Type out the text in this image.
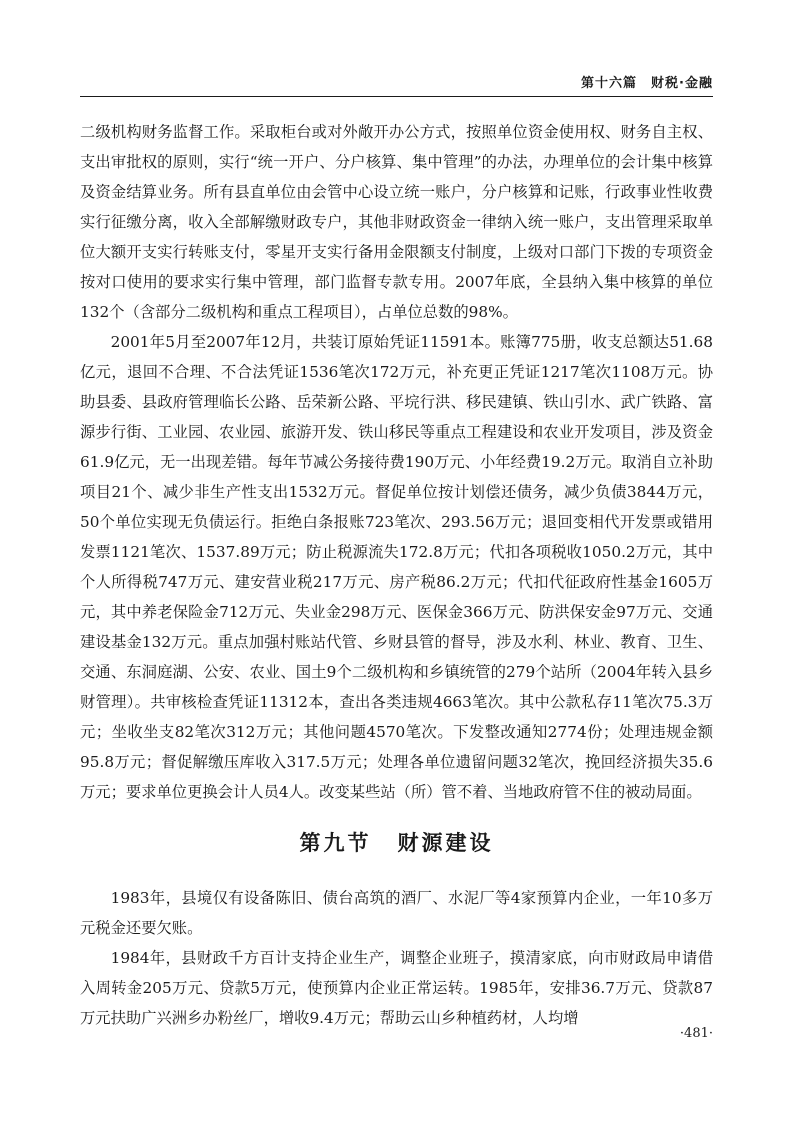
第十六篇　财税·金融

二级机构财务监督工作。采取柜台或对外敞开办公方式，按照单位资金使用权、财务自主权、支出审批权的原则，实行“统一开户、分户核算、集中管理”的办法，办理单位的会计集中核算及资金结算业务。所有县直单位由会管中心设立统一账户，分户核算和记账，行政事业性收费实行征缴分离，收入全部解缴财政专户，其他非财政资金一律纳入统一账户，支出管理采取单位大额开支实行转账支付，零星开支实行备用金限额支付制度，上级对口部门下拨的专项资金按对口使用的要求实行集中管理，部门监督专款专用。2007年底，全县纳入集中核算的单位132个（含部分二级机构和重点工程项目），占单位总数的98%。

2001年5月至2007年12月，共装订原始凭证11591本。账簿775册，收支总额达51.68亿元，退回不合理、不合法凭证1536笔次172万元，补充更正凭证1217笔次1108万元。协助县委、县政府管理临长公路、岳荣新公路、平垸行洪、移民建镇、铁山引水、武广铁路、富源步行街、工业园、农业园、旅游开发、铁山移民等重点工程建设和农业开发项目，涉及资金61.9亿元，无一出现差错。每年节减公务接待费190万元、小年经费19.2万元。取消自立补助项目21个、减少非生产性支出1532万元。督促单位按计划偿还债务，减少负债3844万元，50个单位实现无负债运行。拒绝白条报账723笔次、293.56万元；退回变相代开发票或错用发票1121笔次、1537.89万元；防止税源流失172.8万元；代扣各项税收1050.2万元，其中个人所得税747万元、建安营业税217万元、房产税86.2万元；代扣代征政府性基金1605万元，其中养老保险金712万元、失业金298万元、医保金366万元、防洪保安金97万元、交通建设基金132万元。重点加强村账站代管、乡财县管的督导，涉及水利、林业、教育、卫生、交通、东洞庭湖、公安、农业、国土9个二级机构和乡镇统管的279个站所（2004年转入县乡财管理）。共审核检查凭证11312本，查出各类违规4663笔次。其中公款私存11笔次75.3万元；坐收坐支82笔次312万元；其他问题4570笔次。下发整改通知2774份；处理违规金额95.8万元；督促解缴压库收入317.5万元；处理各单位遗留问题32笔次，挽回经济损失35.6万元；要求单位更换会计人员4人。改变某些站（所）管不着、当地政府管不住的被动局面。

第九节 财源建设

1983年，县境仅有设备陈旧、债台高筑的酒厂、水泥厂等4家预算内企业，一年10多万元税金还要欠账。

1984年，县财政千方百计支持企业生产，调整企业班子，摸清家底，向市财政局申请借入周转金205万元、贷款5万元，使预算内企业正常运转。1985年，安排36.7万元、贷款87万元扶助广兴洲乡办粉丝厂，增收9.4万元；帮助云山乡种植药材，人均增

·481·
